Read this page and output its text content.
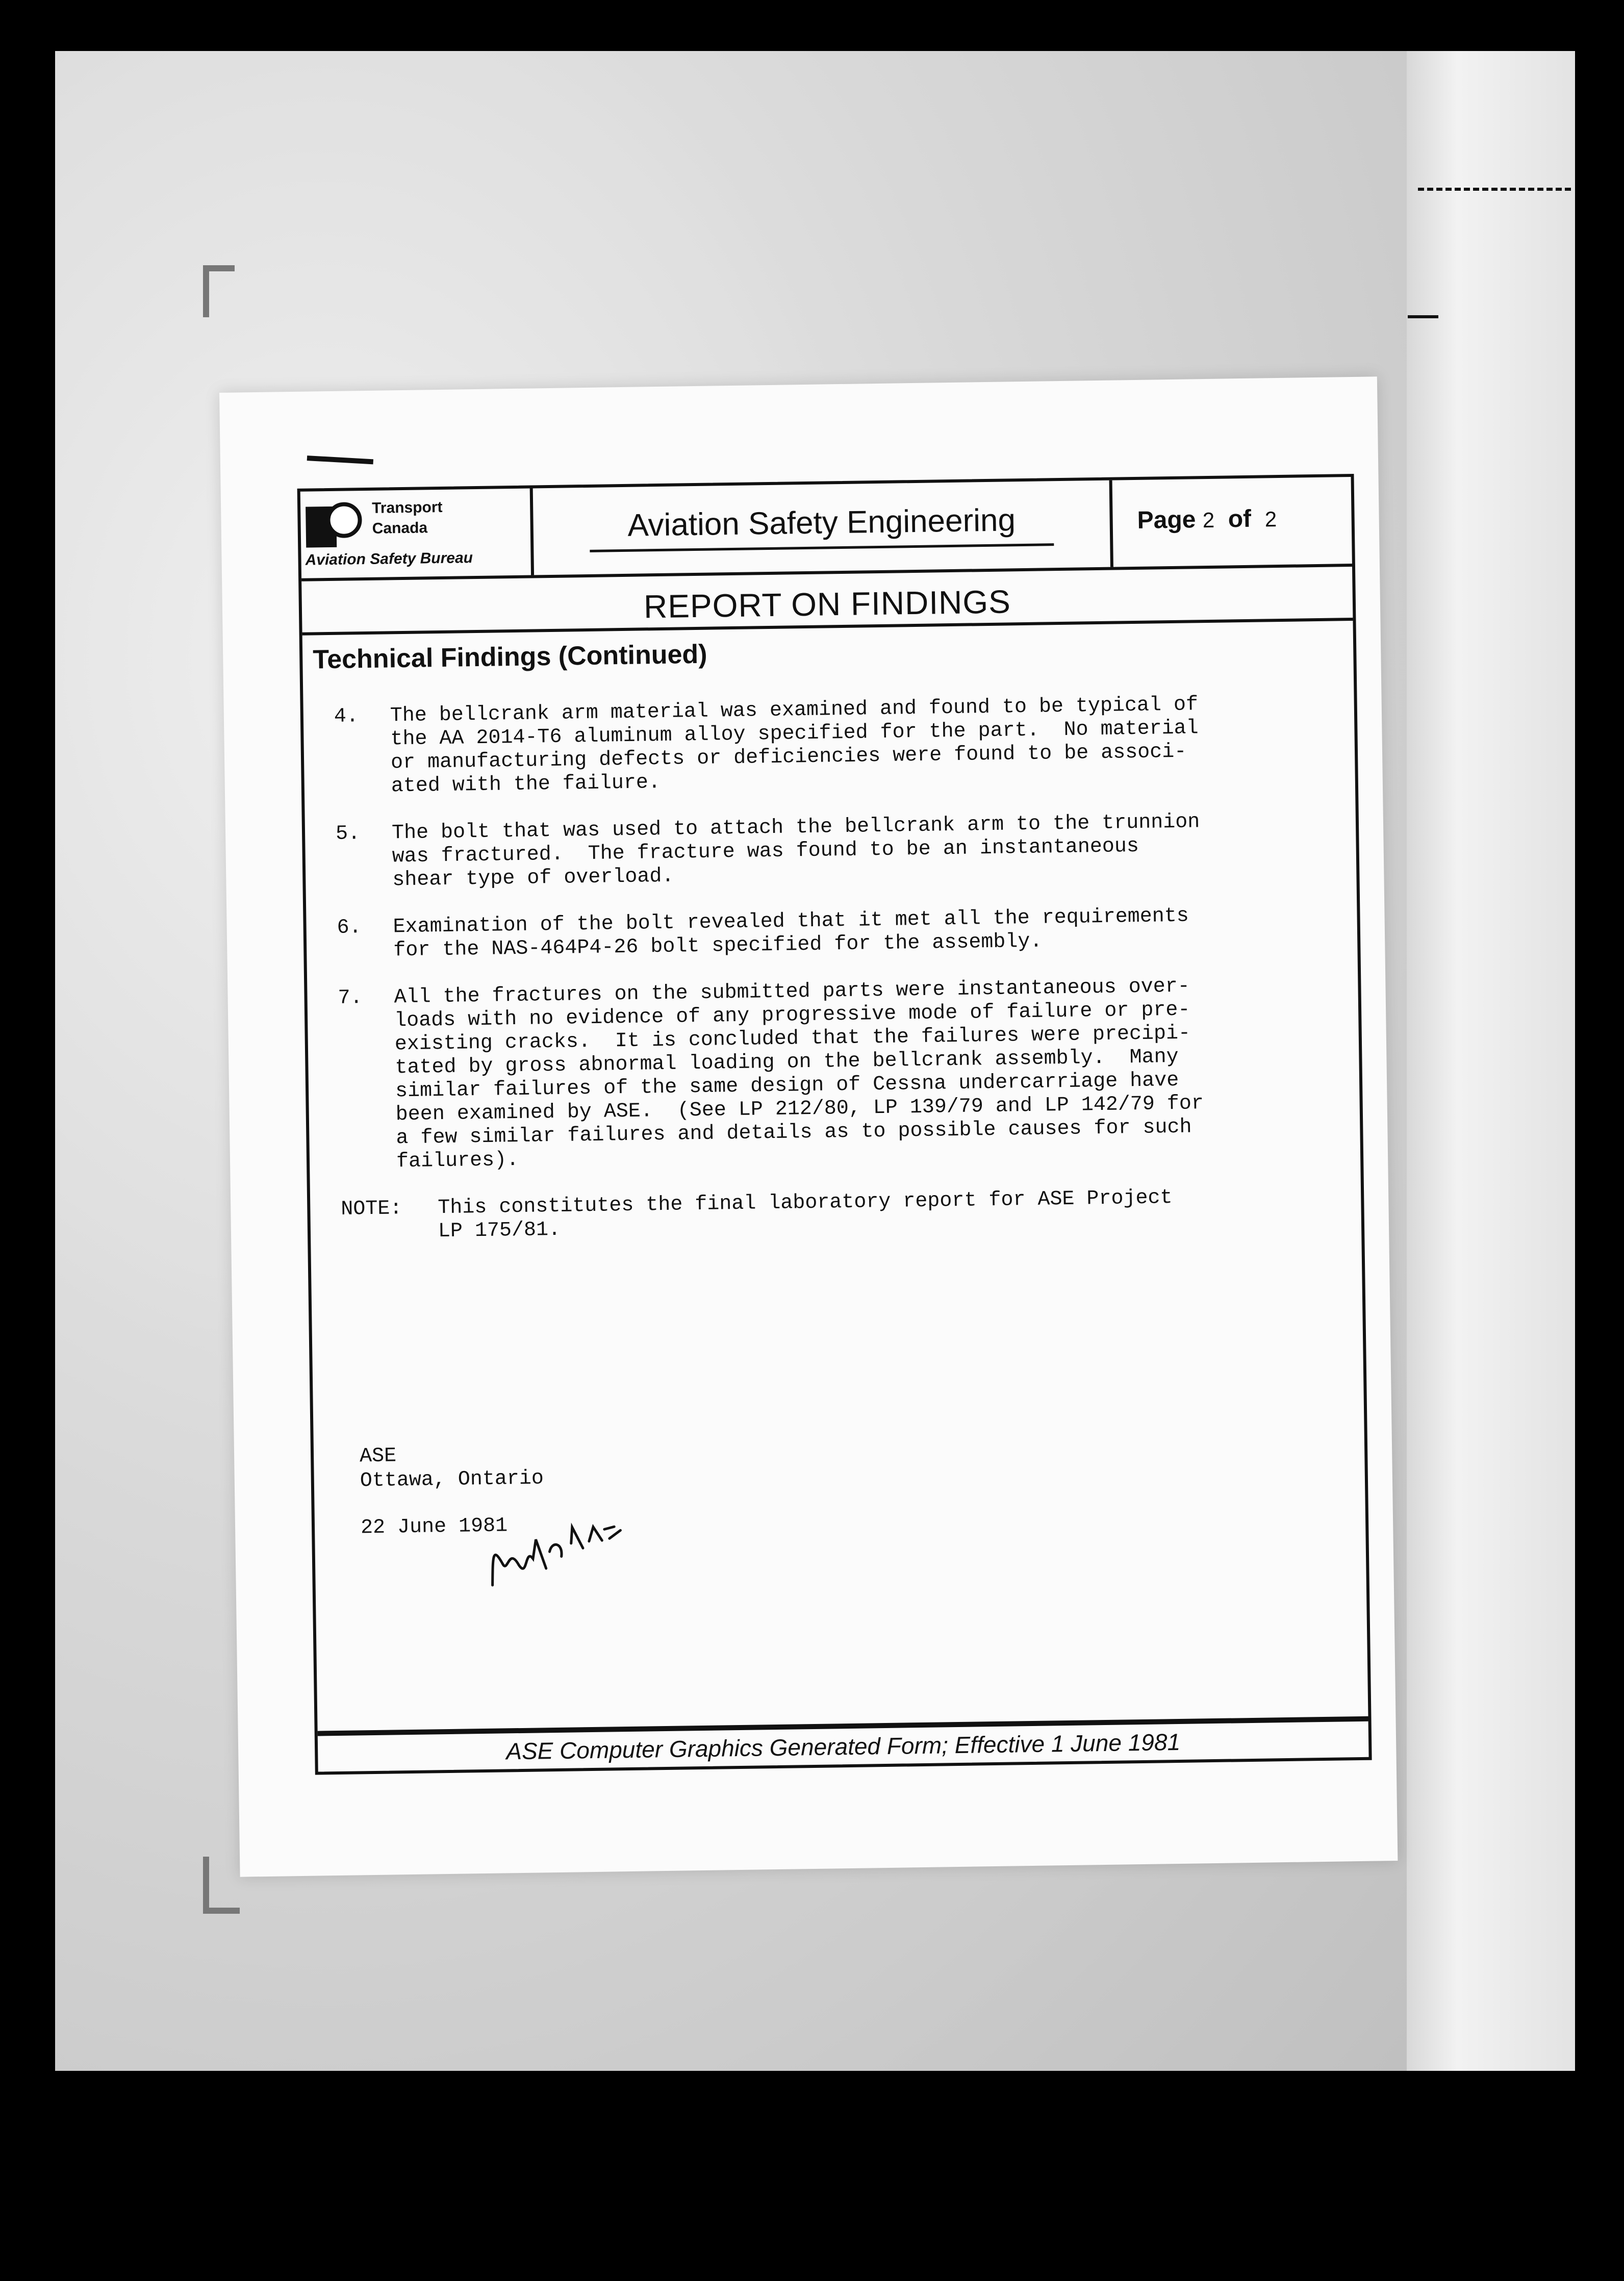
Transport
Canada
Aviation Safety Bureau
Aviation Safety Engineering	Page 2 of 2
REPORT ON FINDINGS
Technical Findings (Continued)
4. The bellcrank arm material was examined and found to be typical of
the AA 2014-T6 aluminum alloy specified for the part.  No material
or manufacturing defects or deficiencies were found to be associ-
ated with the failure.
5. The bolt that was used to attach the bellcrank arm to the trunnion
was fractured.  The fracture was found to be an instantaneous
shear type of overload.
6. Examination of the bolt revealed that it met all the requirements
for the NAS-464P4-26 bolt specified for the assembly.
7. All the fractures on the submitted parts were instantaneous over-
loads with no evidence of any progressive mode of failure or pre-
existing cracks.  It is concluded that the failures were precipi-
tated by gross abnormal loading on the bellcrank assembly.  Many
similar failures of the same design of Cessna undercarriage have
been examined by ASE.  (See LP 212/80, LP 139/79 and LP 142/79 for
a few similar failures and details as to possible causes for such
failures).
NOTE: This constitutes the final laboratory report for ASE Project
LP 175/81.
ASE
Ottawa, Ontario
22 June 1981
ASE Computer Graphics Generated Form; Effective 1 June 1981
